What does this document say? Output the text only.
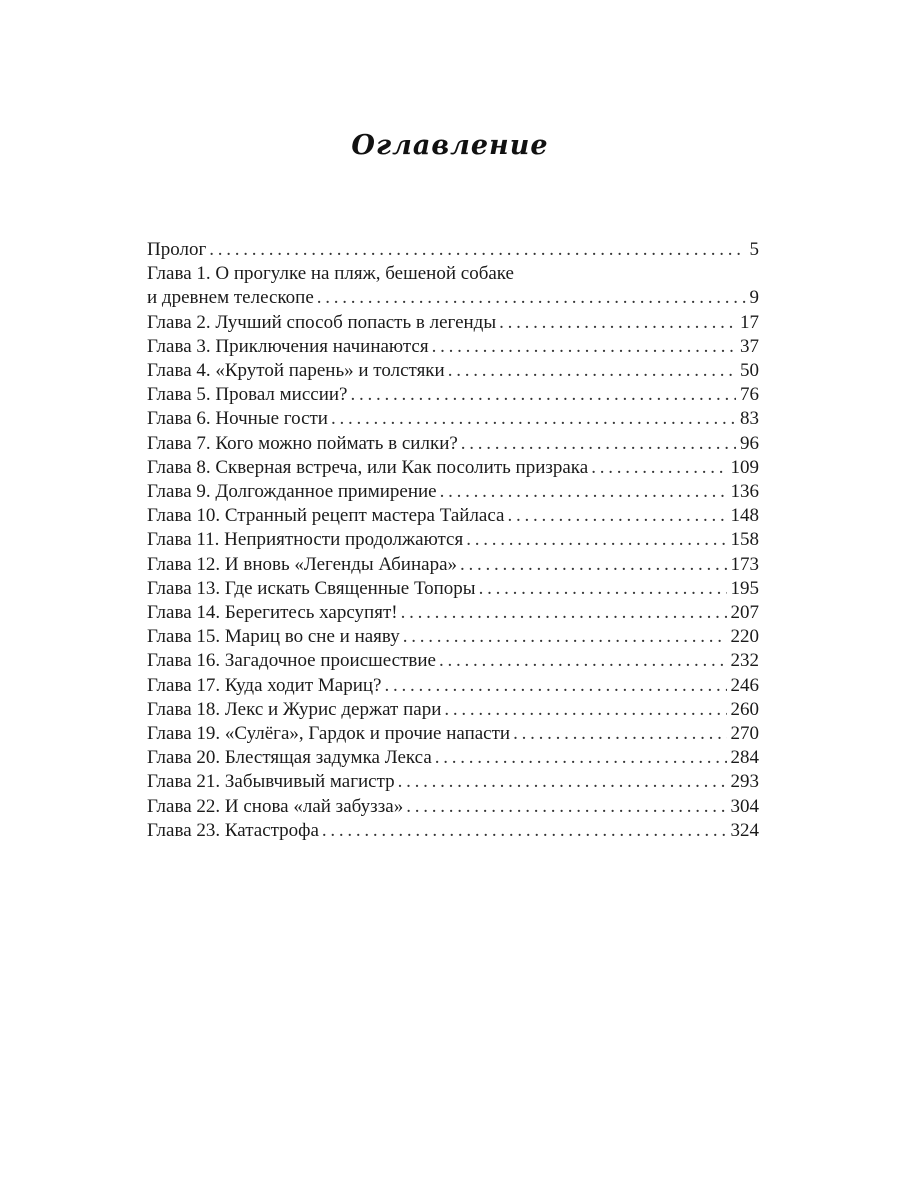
Оглавление
Пролог . . .	5
Глава 1. О прогулке на пляж, бешеной собаке
и древнем телескопе . . .	9
Глава 2. Лучший способ попасть в легенды . . .	17
Глава 3. Приключения начинаются . . .	37
Глава 4. «Крутой парень» и толстяки . . .	50
Глава 5. Провал миссии? . . .	76
Глава 6. Ночные гости . . .	83
Глава 7. Кого можно поймать в силки? . . .	96
Глава 8. Скверная встреча, или Как посолить призрака . . .	109
Глава 9. Долгожданное примирение . . .	136
Глава 10. Странный рецепт мастера Тайласа . . .	148
Глава 11. Неприятности продолжаются . . .	158
Глава 12. И вновь «Легенды Абинара» . . .	173
Глава 13. Где искать Священные Топоры . . .	195
Глава 14. Берегитесь харсупят! . . .	207
Глава 15. Мариц во сне и наяву . . .	220
Глава 16. Загадочное происшествие . . .	232
Глава 17. Куда ходит Мариц? . . .	246
Глава 18. Лекс и Журис держат пари . . .	260
Глава 19. «Сулёга», Гардок и прочие напасти . . .	270
Глава 20. Блестящая задумка Лекса . . .	284
Глава 21. Забывчивый магистр . . .	293
Глава 22. И снова «лай забузза» . . .	304
Глава 23. Катастрофа . . .	324
